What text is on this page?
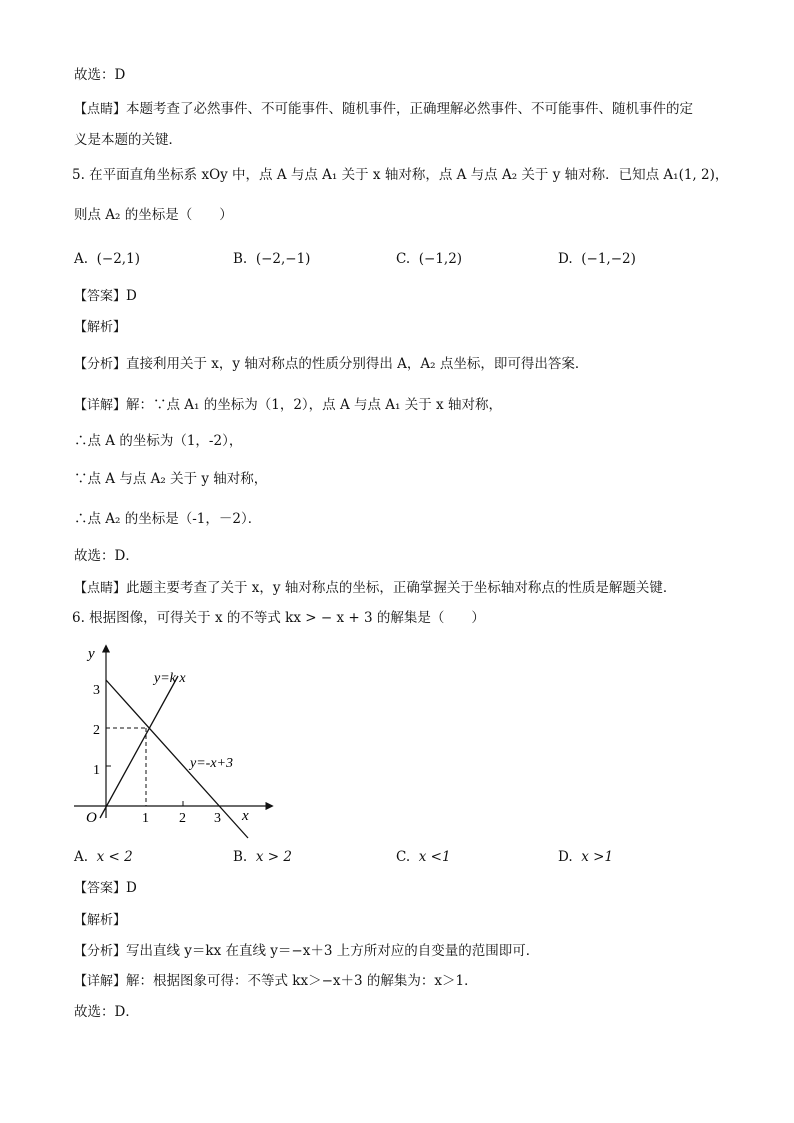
故选：D
【点睛】本题考查了必然事件、不可能事件、随机事件，正确理解必然事件、不可能事件、随机事件的定
义是本题的关键．
5. 在平面直角坐标系 xOy 中，点 A 与点 A₁ 关于 x 轴对称，点 A 与点 A₂ 关于 y 轴对称．已知点 A₁(1, 2)，
则点 A₂ 的坐标是（　　）
A. (−2,1)	B. (−2,−1)	C. (−1,2)	D. (−1,−2)
【答案】D
【解析】
【分析】直接利用关于 x，y 轴对称点的性质分别得出 A，A₂ 点坐标，即可得出答案．
【详解】解：∵点 A₁ 的坐标为（1，2），点 A 与点 A₁ 关于 x 轴对称，
∴点 A 的坐标为（1，-2），
∵点 A 与点 A₂ 关于 y 轴对称，
∴点 A₂ 的坐标是（-1，－2）．
故选：D．
【点睛】此题主要考查了关于 x，y 轴对称点的坐标，正确掌握关于坐标轴对称点的性质是解题关键．
6. 根据图像，可得关于 x 的不等式 kx > − x + 3 的解集是（　　）
y
x
O
1
2
3
1 2 3
y=k x
y=-x+3
A. x < 2	B. x > 2	C. x <1	D. x >1
【答案】D
【解析】
【分析】写出直线 y＝kx 在直线 y＝−x＋3 上方所对应的自变量的范围即可．
【详解】解：根据图象可得：不等式 kx＞−x＋3 的解集为：x＞1．
故选：D．
